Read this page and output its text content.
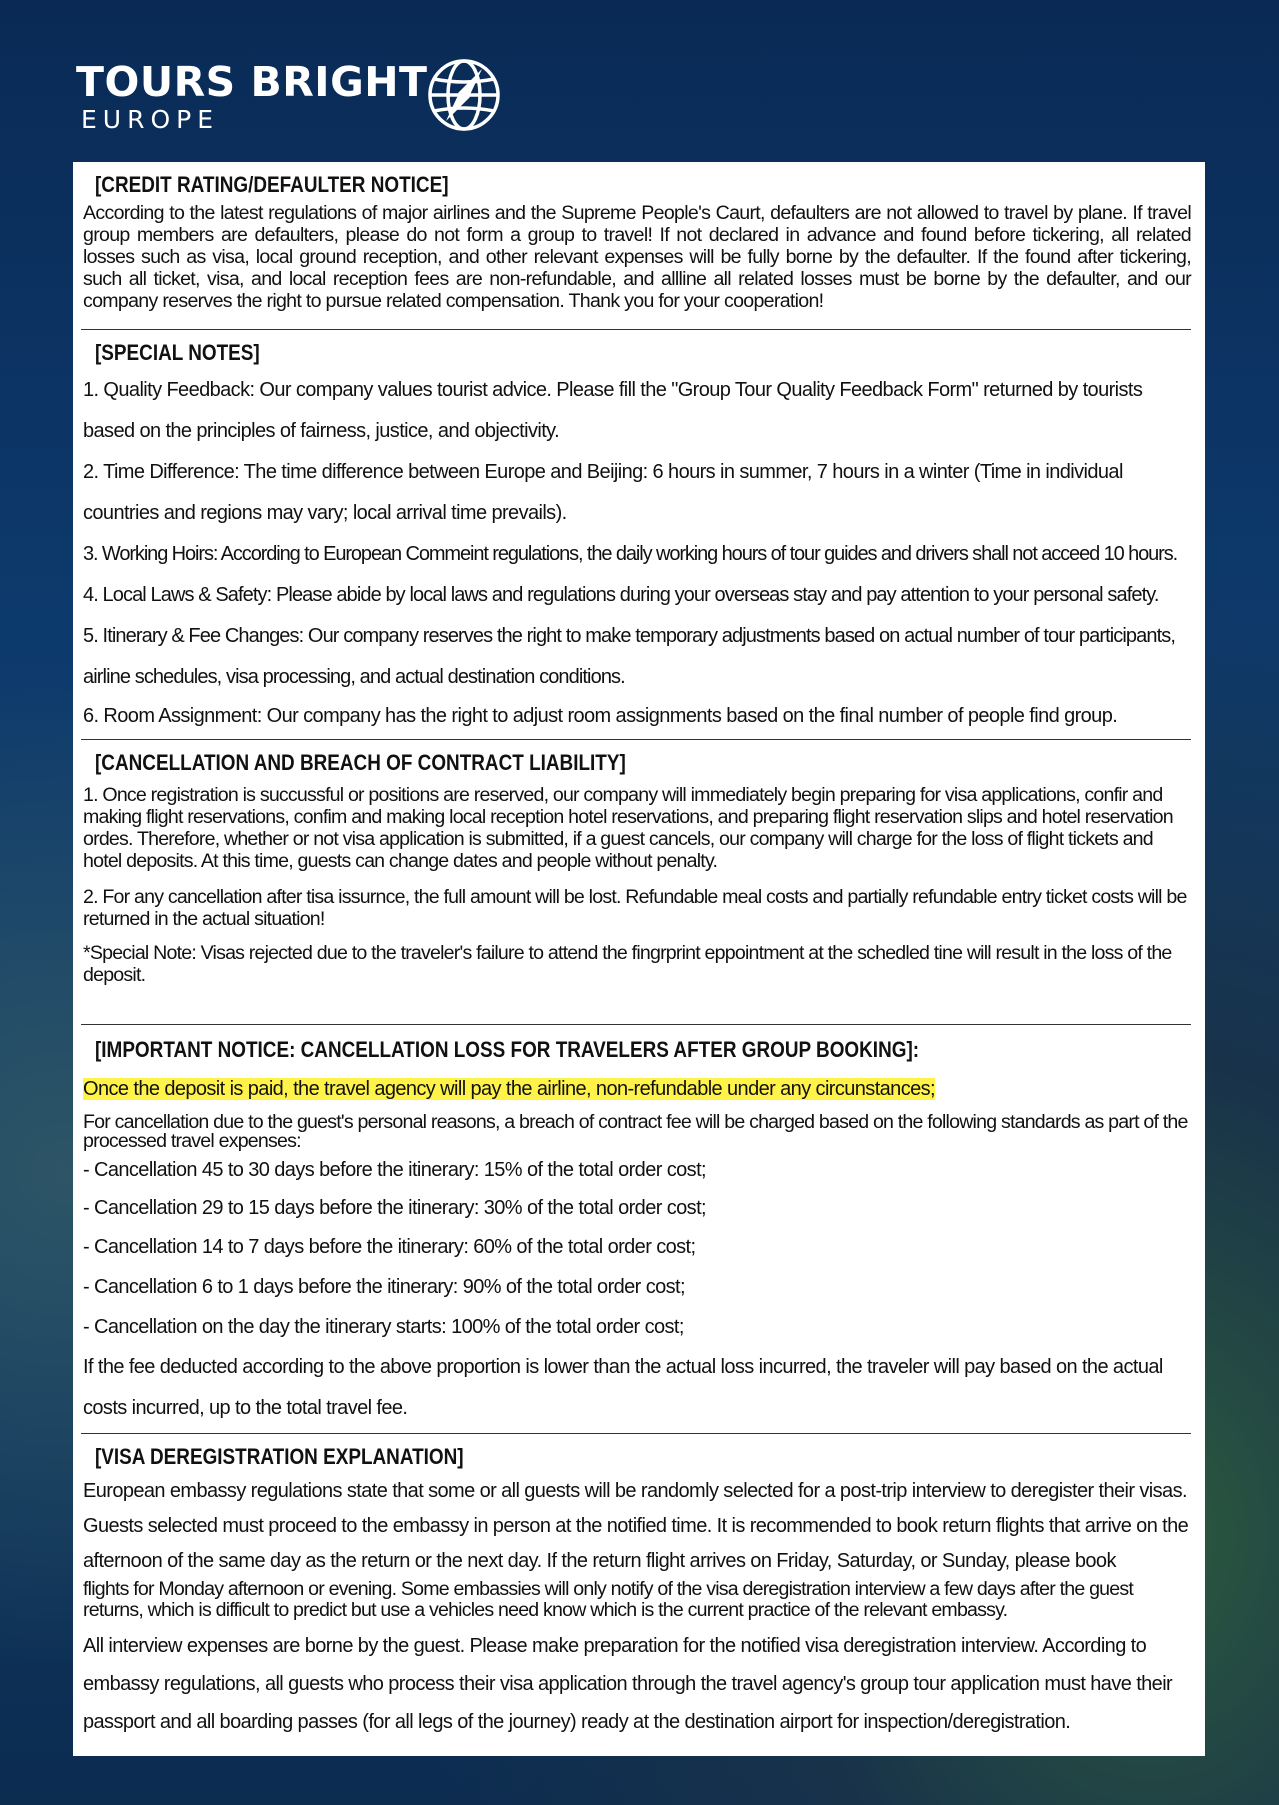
TOURS BRIGHT
EUROPE
[CREDIT RATING/DEFAULTER NOTICE]
According to the latest regulations of major airlines and the Supreme People's Caurt, defaulters are not allowed to travel by plane. If travel group members are defaulters, please do not form a group to travel! If not declared in advance and found before tickering, all related losses such as visa, local ground reception, and other relevant expenses will be fully borne by the defaulter. If the found after tickering, such all ticket, visa, and local reception fees are non-refundable, and allline all related losses must be borne by the defaulter, and our company reserves the right to pursue related compensation. Thank you for your cooperation!
[SPECIAL NOTES]
1. Quality Feedback: Our company values tourist advice. Please fill the "Group Tour Quality Feedback Form" returned by tourists based on the principles of fairness, justice, and objectivity.
2. Time Difference: The time difference between Europe and Beijing: 6 hours in summer, 7 hours in a winter (Time in individual countries and regions may vary; local arrival time prevails).
3. Working Hoirs: According to European Commeint regulations, the daily working hours of tour guides and drivers shall not acceed 10 hours.
4. Local Laws & Safety: Please abide by local laws and regulations during your overseas stay and pay attention to your personal safety.
5. Itinerary & Fee Changes: Our company reserves the right to make temporary adjustments based on actual number of tour participants, airline schedules, visa processing, and actual destination conditions.
6. Room Assignment: Our company has the right to adjust room assignments based on the final number of people find group.
[CANCELLATION AND BREACH OF CONTRACT LIABILITY]
1. Once registration is succussful or positions are reserved, our company will immediately begin preparing for visa applications, confir and making flight reservations, confim and making local reception hotel reservations, and preparing flight reservation slips and hotel reservation ordes. Therefore, whether or not visa application is submitted, if a guest cancels, our company will charge for the loss of flight tickets and hotel deposits. At this time, guests can change dates and people without penalty.
2. For any cancellation after tisa issurnce, the full amount will be lost. Refundable meal costs and partially refundable entry ticket costs will be returned in the actual situation!
*Special Note: Visas rejected due to the traveler's failure to attend the fingrprint eppointment at the schedled tine will result in the loss of the deposit.
[IMPORTANT NOTICE: CANCELLATION LOSS FOR TRAVELERS AFTER GROUP BOOKING]:
Once the deposit is paid, the travel agency will pay the airline, non-refundable under any circunstances;
For cancellation due to the guest's personal reasons, a breach of contract fee will be charged based on the following standards as part of the processed travel expenses:
- Cancellation 45 to 30 days before the itinerary: 15% of the total order cost;
- Cancellation 29 to 15 days before the itinerary: 30% of the total order cost;
- Cancellation 14 to 7 days before the itinerary: 60% of the total order cost;
- Cancellation 6 to 1 days before the itinerary: 90% of the total order cost;
- Cancellation on the day the itinerary starts: 100% of the total order cost;
If the fee deducted according to the above proportion is lower than the actual loss incurred, the traveler will pay based on the actual costs incurred, up to the total travel fee.
[VISA DEREGISTRATION EXPLANATION]
European embassy regulations state that some or all guests will be randomly selected for a post-trip interview to deregister their visas. Guests selected must proceed to the embassy in person at the notified time. It is recommended to book return flights that arrive on the afternoon of the same day as the return or the next day. If the return flight arrives on Friday, Saturday, or Sunday, please book
flights for Monday afternoon or evening. Some embassies will only notify of the visa deregistration interview a few days after the guest returns, which is difficult to predict but use a vehicles need know which is the current practice of the relevant embassy.
All interview expenses are borne by the guest. Please make preparation for the notified visa deregistration interview. According to embassy regulations, all guests who process their visa application through the travel agency's group tour application must have their passport and all boarding passes (for all legs of the journey) ready at the destination airport for inspection/deregistration.
